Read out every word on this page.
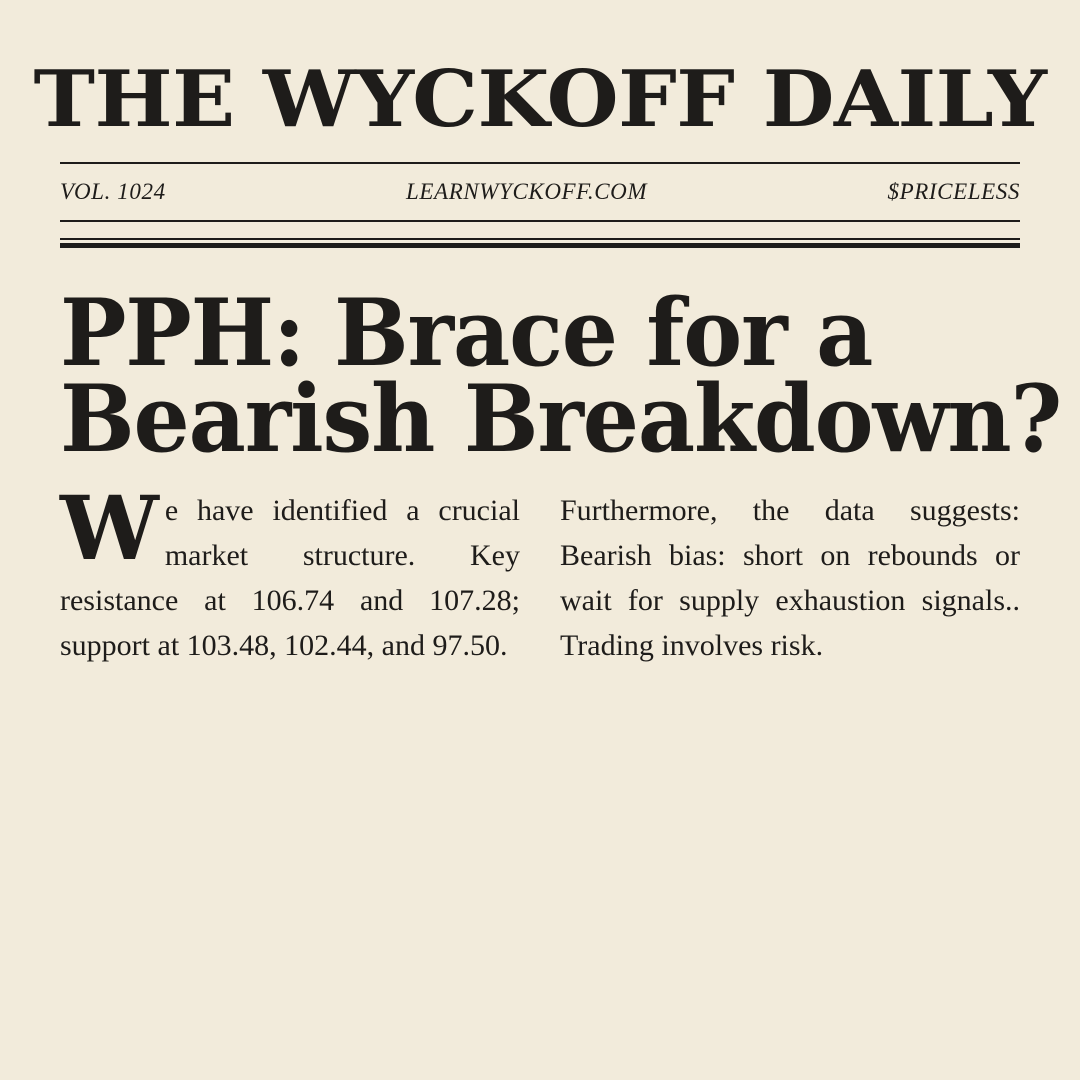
THE WYCKOFF DAILY
VOL. 1024	LEARNWYCKOFF.COM	$PRICELESS
PPH: Brace for a
Bearish Breakdown?

We have identified a crucial market structure. Key resistance at 106.74 and 107.28; support at 103.48, 102.44, and 97.50.

Furthermore, the data suggests: Bearish bias: short on rebounds or wait for supply exhaustion signals.. Trading involves risk.
